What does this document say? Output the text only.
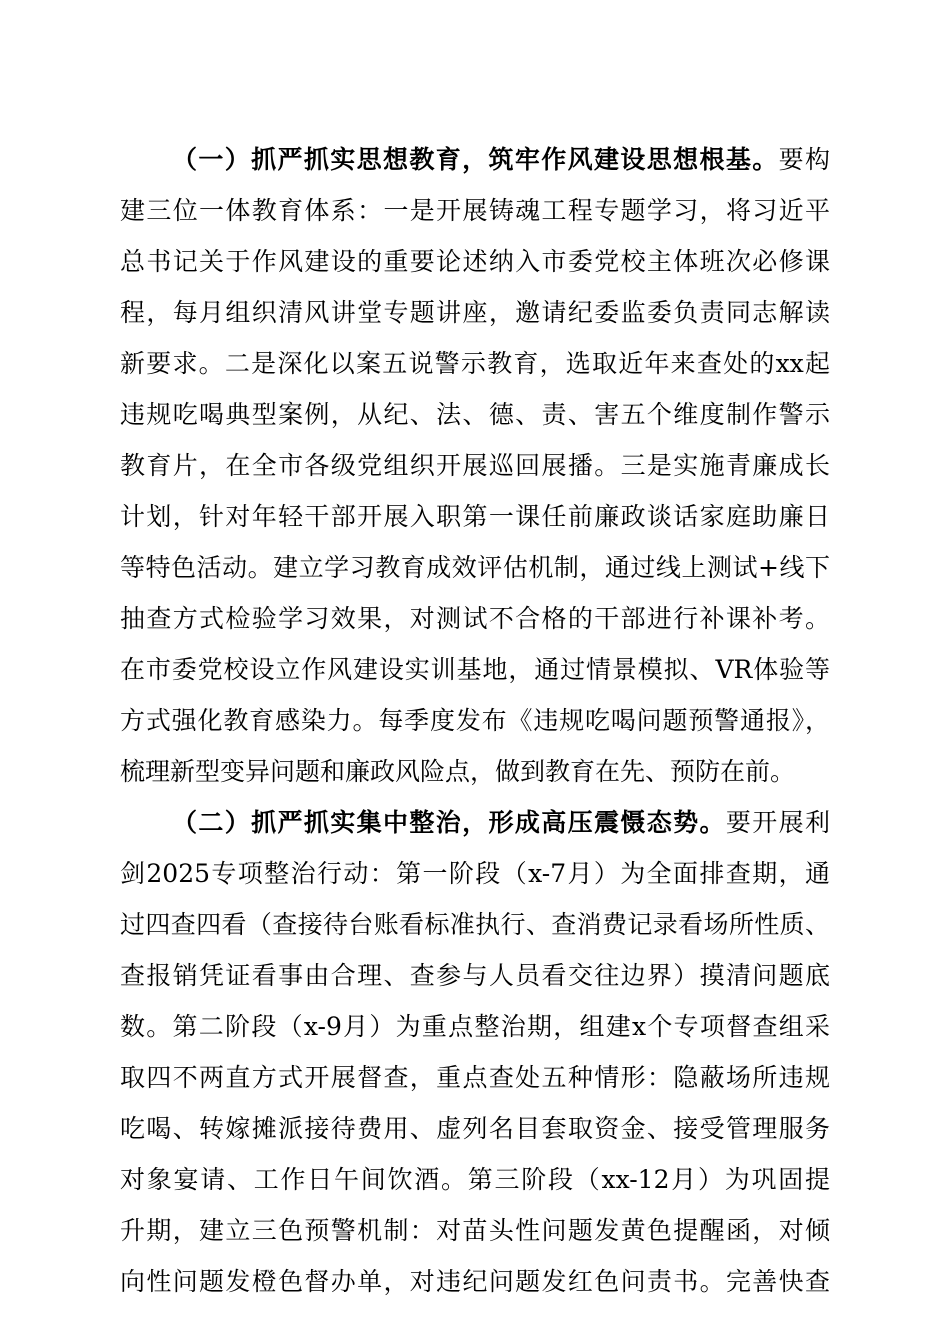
（一）抓严抓实思想教育，筑牢作风建设思想根基。要构
建三位一体教育体系：一是开展铸魂工程专题学习，将习近平
总书记关于作风建设的重要论述纳入市委党校主体班次必修课
程，每月组织清风讲堂专题讲座，邀请纪委监委负责同志解读
新要求。二是深化以案五说警示教育，选取近年来查处的xx起
违规吃喝典型案例，从纪、法、德、责、害五个维度制作警示
教育片，在全市各级党组织开展巡回展播。三是实施青廉成长
计划，针对年轻干部开展入职第一课任前廉政谈话家庭助廉日
等特色活动。建立学习教育成效评估机制，通过线上测试+线下
抽查方式检验学习效果，对测试不合格的干部进行补课补考。
在市委党校设立作风建设实训基地，通过情景模拟、VR体验等
方式强化教育感染力。每季度发布《违规吃喝问题预警通报》，
梳理新型变异问题和廉政风险点，做到教育在先、预防在前。
（二）抓严抓实集中整治，形成高压震慑态势。要开展利
剑2025专项整治行动：第一阶段（x-7月）为全面排查期，通
过四查四看（查接待台账看标准执行、查消费记录看场所性质、
查报销凭证看事由合理、查参与人员看交往边界）摸清问题底
数。第二阶段（x-9月）为重点整治期，组建x个专项督查组采
取四不两直方式开展督查，重点查处五种情形：隐蔽场所违规
吃喝、转嫁摊派接待费用、虚列名目套取资金、接受管理服务
对象宴请、工作日午间饮酒。第三阶段（xx-12月）为巩固提
升期，建立三色预警机制：对苗头性问题发黄色提醒函，对倾
向性问题发橙色督办单，对违纪问题发红色问责书。完善快查
